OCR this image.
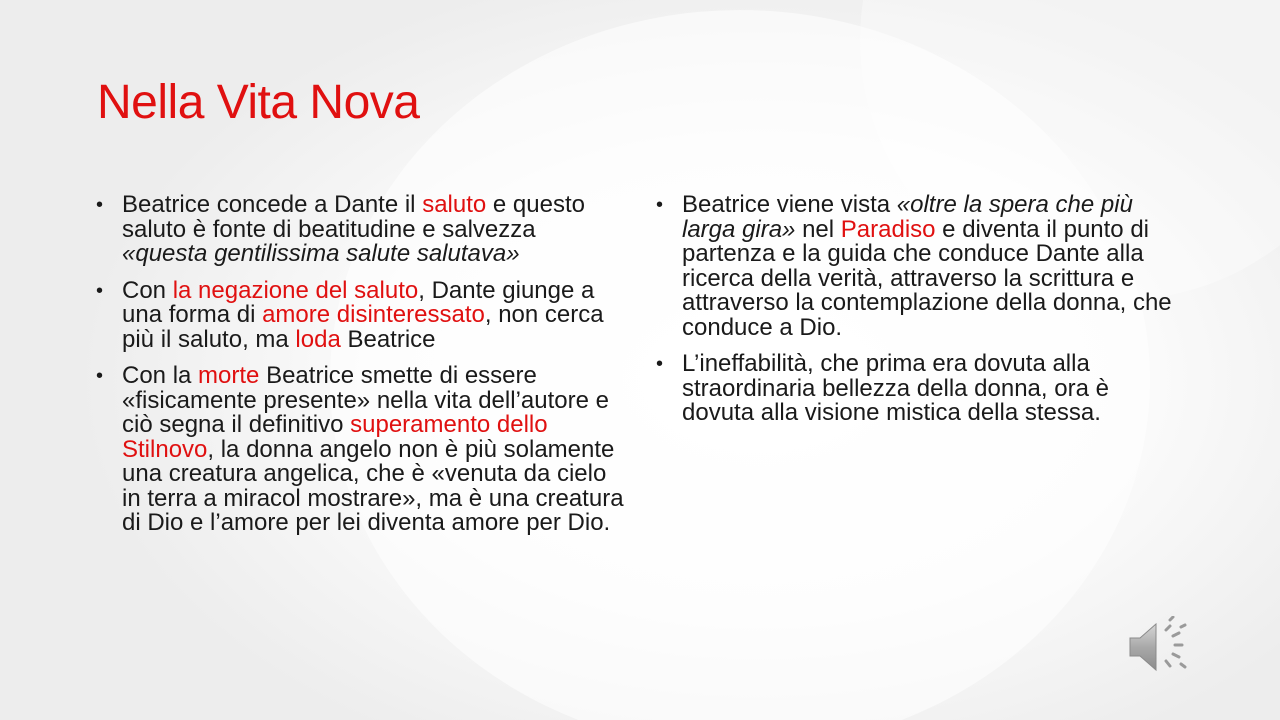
Nella Vita Nova
• Beatrice concede a Dante il saluto e questo saluto è fonte di beatitudine e salvezza «questa gentilissima salute salutava»
• Con la negazione del saluto, Dante giunge a una forma di amore disinteressato, non cerca più il saluto, ma loda Beatrice
• Con la morte Beatrice smette di essere «fisicamente presente» nella vita dell’autore e ciò segna il definitivo superamento dello Stilnovo, la donna angelo non è più solamente una creatura angelica, che è «venuta da cielo in terra a miracol mostrare», ma è una creatura di Dio e l’amore per lei diventa amore per Dio.
• Beatrice viene vista «oltre la spera che più larga gira» nel Paradiso e diventa il punto di partenza e la guida che conduce Dante alla ricerca della verità, attraverso la scrittura e attraverso la contemplazione della donna, che conduce a Dio.
• L’ineffabilità, che prima era dovuta alla straordinaria bellezza della donna, ora è dovuta alla visione mistica della stessa.
